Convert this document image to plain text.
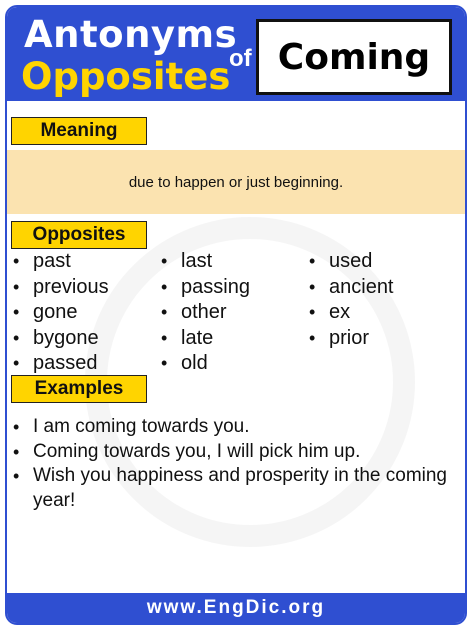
Antonyms
Opposites
of Coming
Meaning
due to happen or just beginning.
Opposites
• past
• previous
• gone
• bygone
• passed
• last
• passing
• other
• late
• old
• used
• ancient
• ex
• prior
Examples
• I am coming towards you.
• Coming towards you, I will pick him up.
• Wish you happiness and prosperity in the coming year!
www.EngDic.org
